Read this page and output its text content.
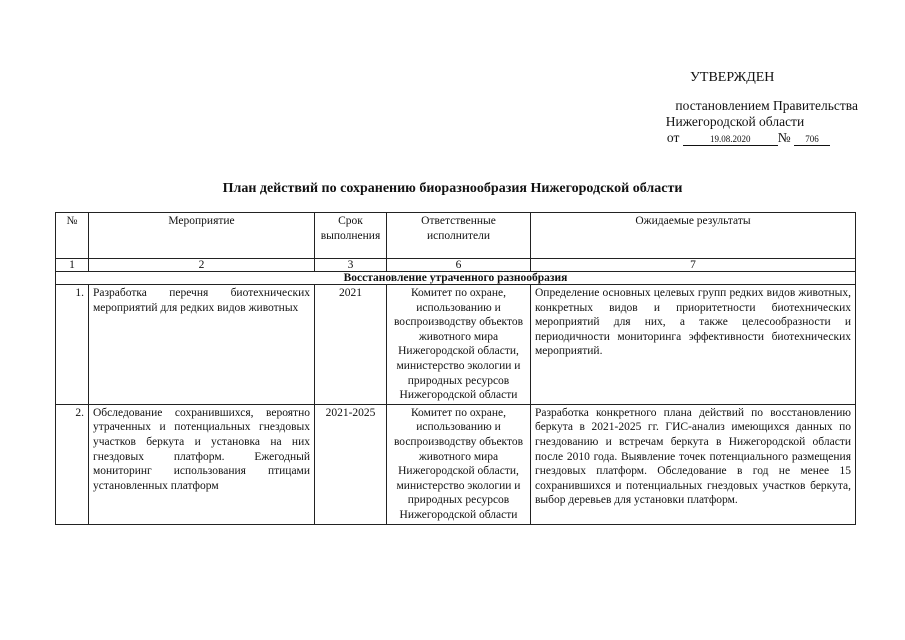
УТВЕРЖДЕН
постановлением Правительства
Нижегородской области
от	19.08.2020 № 706
План действий по сохранению биоразнообразия Нижегородской области
№	Мероприятие	Срок выполнения	Ответственные исполнители	Ожидаемые результаты
1	2	3	6	7
Восстановление утраченного разнообразия				
1.	Разработка перечня биотехнических мероприятий для редких видов животных	2021	Комитет по охране, использованию и воспроизводству объектов животного мира Нижегородской области, министерство экологии и природных ресурсов Нижегородской области	Определение основных целевых групп редких видов животных, конкретных видов и приоритетности биотехнических мероприятий для них, а также целесообразности и периодичности мониторинга эффективности биотехнических мероприятий.
2.	Обследование сохранившихся, вероятно утраченных и потенциальных гнездовых участков беркута и установка на них гнездовых платформ. Ежегодный мониторинг использования птицами установленных платформ	2021-2025	Комитет по охране, использованию и воспроизводству объектов животного мира Нижегородской области, министерство экологии и природных ресурсов Нижегородской области	Разработка конкретного плана действий по восстановлению беркута в 2021-2025 гг. ГИС-анализ имеющихся данных по гнездованию и встречам беркута в Нижегородской области после 2010 года. Выявление точек потенциального размещения гнездовых платформ. Обследование в год не менее 15 сохранившихся и потенциальных гнездовых участков беркута, выбор деревьев для установки платформ.
